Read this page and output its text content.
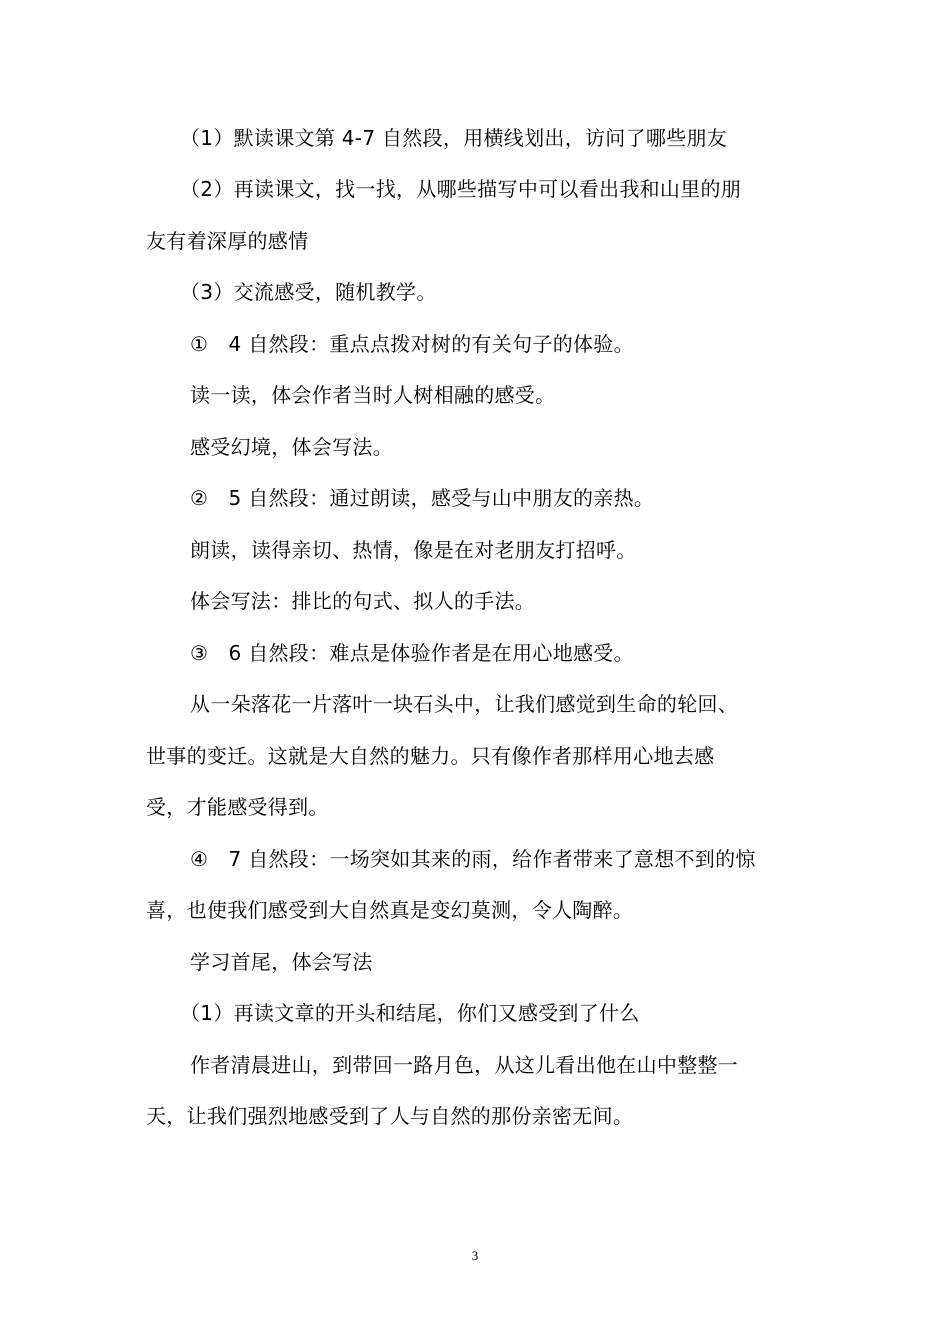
（1）默读课文第 4-7 自然段，用横线划出，访问了哪些朋友
（2）再读课文，找一找，从哪些描写中可以看出我和山里的朋
友有着深厚的感情
（3）交流感受，随机教学。
①　4 自然段：重点点拨对树的有关句子的体验。
读一读，体会作者当时人树相融的感受。
感受幻境，体会写法。
②　5 自然段：通过朗读，感受与山中朋友的亲热。
朗读，读得亲切、热情，像是在对老朋友打招呼。
体会写法：排比的句式、拟人的手法。
③　6 自然段：难点是体验作者是在用心地感受。
从一朵落花一片落叶一块石头中，让我们感觉到生命的轮回、
世事的变迁。这就是大自然的魅力。只有像作者那样用心地去感
受，才能感受得到。
④　7 自然段：一场突如其来的雨，给作者带来了意想不到的惊
喜，也使我们感受到大自然真是变幻莫测，令人陶醉。
学习首尾，体会写法
（1）再读文章的开头和结尾，你们又感受到了什么
作者清晨进山，到带回一路月色，从这儿看出他在山中整整一
天，让我们强烈地感受到了人与自然的那份亲密无间。
3
